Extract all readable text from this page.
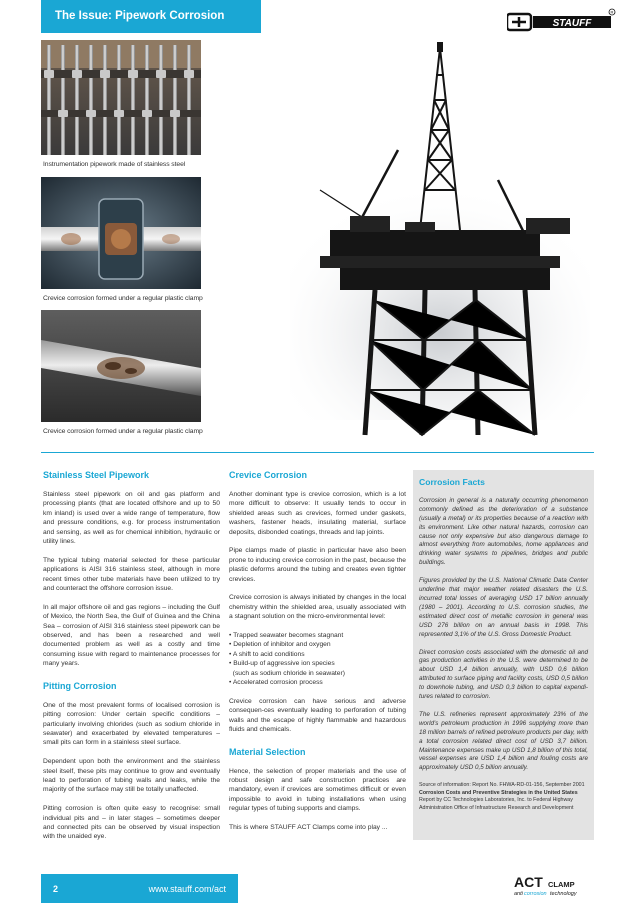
The Issue: Pipework Corrosion
STAUFF
R
Instrumentation pipework made of stainless steel
Crevice corrosion formed under a regular plastic clamp
Crevice corrosion formed under a regular plastic clamp
Stainless Steel Pipework

Stainless steel pipework on oil and gas platform and processing plants (that are located offshore and up to 50 km inland) is used over a wide range of temperature, flow and pressure conditions, e.g. for process instrumentation and sensing, as well as for chemical inhibition, hydraulic or utility lines.

The typical tubing material selected for these particular applications is AISI 316 stainless steel, although in more recent times other tube materials have been utilized to try and counteract the offshore corrosion issue.

In all major offshore oil and gas regions – including the Gulf of Mexico, the North Sea, the Gulf of Guinea and the China Sea – corrosion of AISI 316 stainless steel pipework can be observed, and has been a researched and well documented problem as well as a costly and time consuming issue with regard to maintenance processes for many years.

Pitting Corrosion

One of the most prevalent forms of localised corrosion is pitting corrosion: Under certain specific conditions – particularly involving chlorides (such as sodium chloride in seawater) and exacerbated by elevated temperatures – small pits can form in a stainless steel surface.

Dependent upon both the environment and the stainless steel itself, these pits may continue to grow and eventually lead to perforation of tubing walls and leaks, while the majority of the surface may still be totally unaffected.

Pitting corrosion is often quite easy to recognise: small individual pits and – in later stages – sometimes deeper and connected pits can be observed by visual inspection with the unaided eye.

Crevice Corrosion

Another dominant type is crevice corrosion, which is a lot more difficult to observe: It usually tends to occur in shielded areas such as crevices, formed under gaskets, washers, fastener heads, insulating material, surface deposits, disbonded coatings, threads and lap joints.

Pipe clamps made of plastic in particular have also been prone to inducing crevice corrosion in the past, because the plastic deforms around the tubing and creates even tighter crevices.

Crevice corrosion is always initiated by changes in the local chemistry within the shielded area, usually associated with a stagnant solution on the micro-environmental level:

• Trapped seawater becomes stagnant
• Depletion of inhibitor and oxygen
• A shift to acid conditions
• Build-up of aggressive ion species
(such as sodium chloride in seawater)
• Accelerated corrosion process

Crevice corrosion can have serious and adverse consequen-ces eventually leading to perforation of tubing walls and the escape of highly flammable and hazardous fluids and chemicals.

Material Selection

Hence, the selection of proper materials and the use of robust design and safe construction practices are mandatory, even if crevices are sometimes difficult or even impossible to avoid in tubing installations when using regular types of tubing supports and clamps.

This is where STAUFF ACT Clamps come into play ...

Corrosion Facts

Corrosion in general is a naturally occurring phenomenon commonly defined as the deterioration of a substance (usually a metal) or its properties because of a reaction with its environment. Like other natural hazards, corrosion can cause not only expensive but also dangerous damage to almost everything from automobiles, home appliances and drinking water systems to pipelines, bridges and public buildings.

Figures provided by the U.S. National Climatic Data Center underline that major weather related disasters the U.S. incurred total losses of averaging USD 17 billion annually (1980 – 2001). According to U.S. corrosion studies, the estimated direct cost of metallic corrosion in general was USD 276 billion on an annual basis in 1998. This represented 3,1% of the U.S. Gross Domestic Product.

Direct corrosion costs associated with the domestic oil and gas production activities in the U.S. were determined to be about USD 1,4 billion annually, with USD 0,6 billion attributed to surface piping and facility costs, USD 0,5 billion to downhole tubing, and USD 0,3 billion to capital expendi-tures related to corrosion.

The U.S. refineries represent approximately 23% of the world's petroleum production in 1996 supplying more than 18 million barrels of refined petroleum products per day, with a total corrosion related direct cost of USD 3,7 billion. Maintenance expenses make up USD 1,8 billion of this total, vessel expenses are USD 1,4 billion and fouling costs are approximately USD 0,5 billion annually.

Source of information: Report No. FHWA-RD-01-156, September 2001
Corrosion Costs and Preventive Strategies in the United States
Report by CC Technologies Laboratories, Inc. to Federal Highway
Administration Office of Infrastructure Research and Development

2	www.stauff.com/act	ACT CLAMP
anti corrosion technology
